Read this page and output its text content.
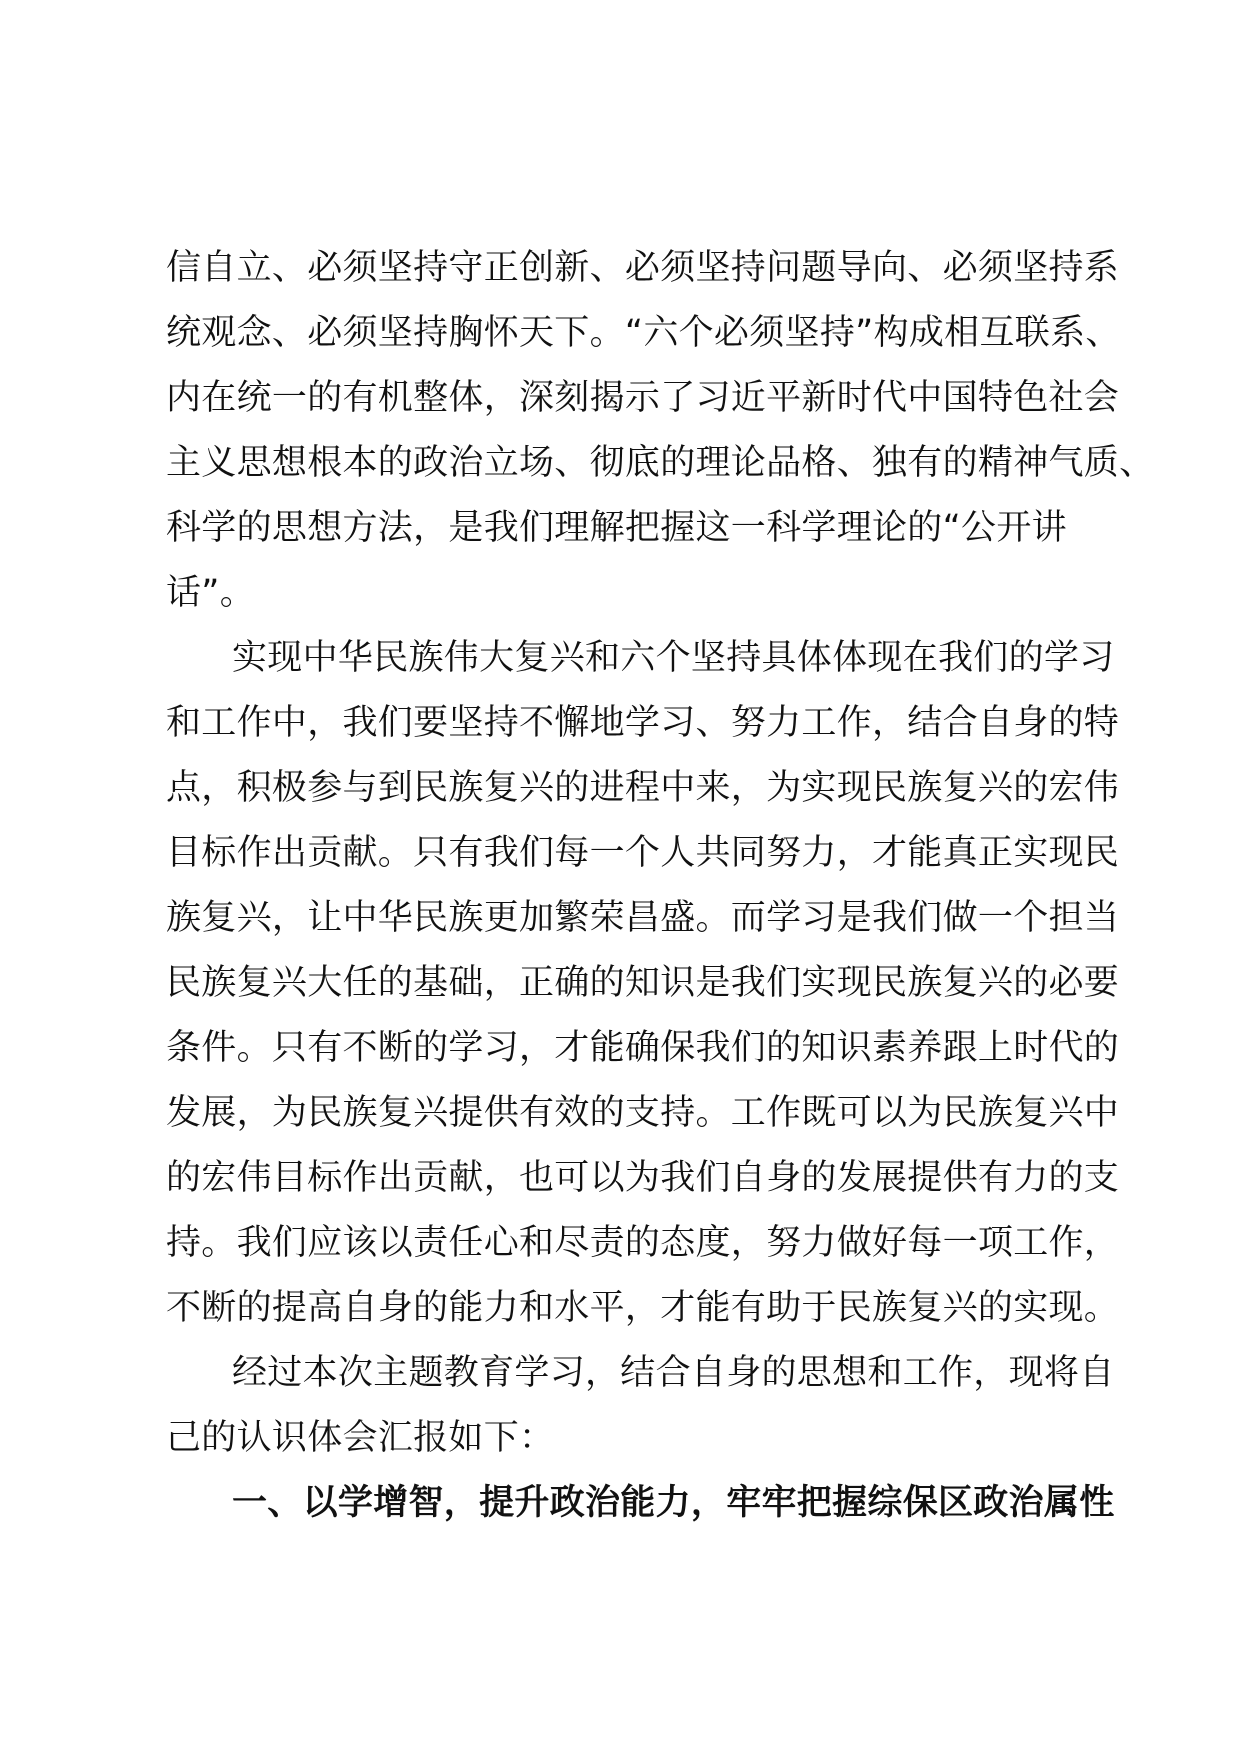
信自立、必须坚持守正创新、必须坚持问题导向、必须坚持系
统观念、必须坚持胸怀天下。“六个必须坚持”构成相互联系、
内在统一的有机整体，深刻揭示了习近平新时代中国特色社会
主义思想根本的政治立场、彻底的理论品格、独有的精神气质、
科学的思想方法，是我们理解把握这一科学理论的“公开讲
话”。
实现中华民族伟大复兴和六个坚持具体体现在我们的学习
和工作中，我们要坚持不懈地学习、努力工作，结合自身的特
点，积极参与到民族复兴的进程中来，为实现民族复兴的宏伟
目标作出贡献。只有我们每一个人共同努力，才能真正实现民
族复兴，让中华民族更加繁荣昌盛。而学习是我们做一个担当
民族复兴大任的基础，正确的知识是我们实现民族复兴的必要
条件。只有不断的学习，才能确保我们的知识素养跟上时代的
发展，为民族复兴提供有效的支持。工作既可以为民族复兴中
的宏伟目标作出贡献，也可以为我们自身的发展提供有力的支
持。我们应该以责任心和尽责的态度，努力做好每一项工作，
不断的提高自身的能力和水平，才能有助于民族复兴的实现。
经过本次主题教育学习，结合自身的思想和工作，现将自
己的认识体会汇报如下：
一、以学增智，提升政治能力，牢牢把握综保区政治属性
